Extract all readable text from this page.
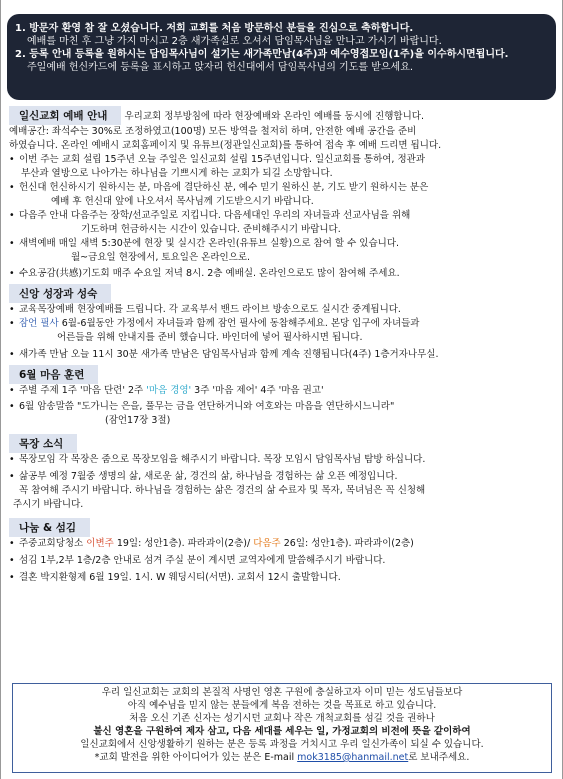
1. 방문자 환영 참 잘 오셨습니다. 저희 교회를 처음 방문하신 분들을 진심으로 축하합니다.
예배를 마친 후 그냥 가지 마시고 2층 새가족실로 오셔서 담임목사님을 만나고 가시기 바랍니다.
2. 등록 안내 등록을 원하시는 담임목사님이 설기는 새가족만남(4주)과 예수영접모임(1주)을 이수하시면됩니다.
주일예배 헌신카드에 등록을 표시하고 앉자리 헌신대에서 담임목사님의 기도를 받으세요.
일신교회 예배 안내 우리교회 정부방침에 따라 현장예배와 온라인 예배를 동시에 진행합니다.
예배공간: 좌석수는 30%로 조정하였고(100명) 모든 방역을 철저히 하며, 안전한 예배 공간을 준비
하였습니다. 온라인 예배시 교회홈페이지 및 유튜브(정관일신교회)를 통하여 접속 후 예배 드리면 됩니다.
• 이번 주는 교회 설립 15주년 오늘 주일은 일신교회 설립 15주년입니다. 일신교회를 통하여, 정관과
부산과 열방으로 나아가는 하나님을 기쁘시게 하는 교회가 되길 소망합니다.
• 헌신대 헌신하시기 원하시는 분, 마음에 결단하신 분, 예수 믿기 원하신 분, 기도 받기 원하시는 분은
예배 후 헌신대 앞에 나오셔서 목사님께 기도받으시기 바랍니다.
• 다음주 안내 다음주는 장학/선교주일로 지킵니다. 다음세대인 우리의 자녀들과 선교사님을 위해
기도하며 헌금하시는 시간이 있습니다. 준비해주시기 바랍니다.
• 새벽예배 매일 새벽 5:30분에 현장 및 실시간 온라인(유튜브 실황)으로 참여 할 수 있습니다.
월~금요일 현장에서, 토요일은 온라인으로.
• 수요공감(共感)기도회 매주 수요일 저녁 8시. 2층 예배실. 온라인으로도 많이 참여해 주세요.
신앙 성장과 성숙
• 교육목장예배 현장예배를 드립니다. 각 교육부서 밴드 라이브 방송으로도 실시간 중계됩니다.
• 잠언 필사 6월-6월동안 가정에서 자녀들과 함께 잠언 필사에 동참해주세요. 본당 입구에 자녀들과
어른들을 위해 안내지를 준비 했습니다. 바인더에 넣어 필사하시면 됩니다.
• 새가족 만남 오늘 11시 30분 새가족 만남은 담임목사님과 함께 계속 진행됩니다(4주) 1층거자나무실.
6월 마음 훈련
• 주별 주제 1주 '마음 단련' 2주 '마음 경영' 3주 '마음 제어' 4주 '마음 권고'
• 6월 암송말씀 "도가니는 은을, 풀무는 금을 연단하거니와 여호와는 마음을 연단하시느니라"
(잠언17장 3절)
목장 소식
• 목장모임 각 목장은 줌으로 목장모임을 해주시기 바랍니다. 목장 모임시 담임목사님 탐방 하십니다.
• 삶공부 예정 7월중 생명의 삶, 새로운 삶, 경건의 삶, 하나님을 경험하는 삶 오픈 예정입니다.
꼭 참여해 주시기 바랍니다. 하나님을 경험하는 삶은 경건의 삶 수료자 및 목자, 목녀님은 꼭 신청해
주시기 바랍니다.
나눔 & 섬김
• 주중교회당청소 이변주 19일: 성안1층). 파라과이(2층)/ 다음주 26일: 성안1층). 파라과이(2층)
• 섬김 1부,2부 1층/2층 안내로 섬겨 주실 분이 계시면 교역자에게 말씀해주시기 바랍니다.
• 결혼 박지환형제 6월 19일. 1시. W 웨딩시티(서면). 교회서 12시 출발합니다.
우리 일신교회는 교회의 본질적 사명인 영혼 구원에 충실하고자 이미 믿는 성도님들보다
아직 예수님을 믿지 않는 분들에게 복음 전하는 것을 목표로 하고 있습니다.
처음 오신 기존 신자는 성기시던 교회나 작은 개척교회를 섬길 것을 권하나
불신 영혼을 구원하여 제자 삼고, 다음 세대를 세우는 일, 가정교회의 비전에 뜻을 같이하여
일신교회에서 신앙생활하기 원하는 분은 등록 과정을 거치시고 우리 일신가족이 되실 수 있습니다.
*교회 발전을 위한 아이디어가 있는 분은 E-mail mok3185@hanmail.net로 보내주세요.
